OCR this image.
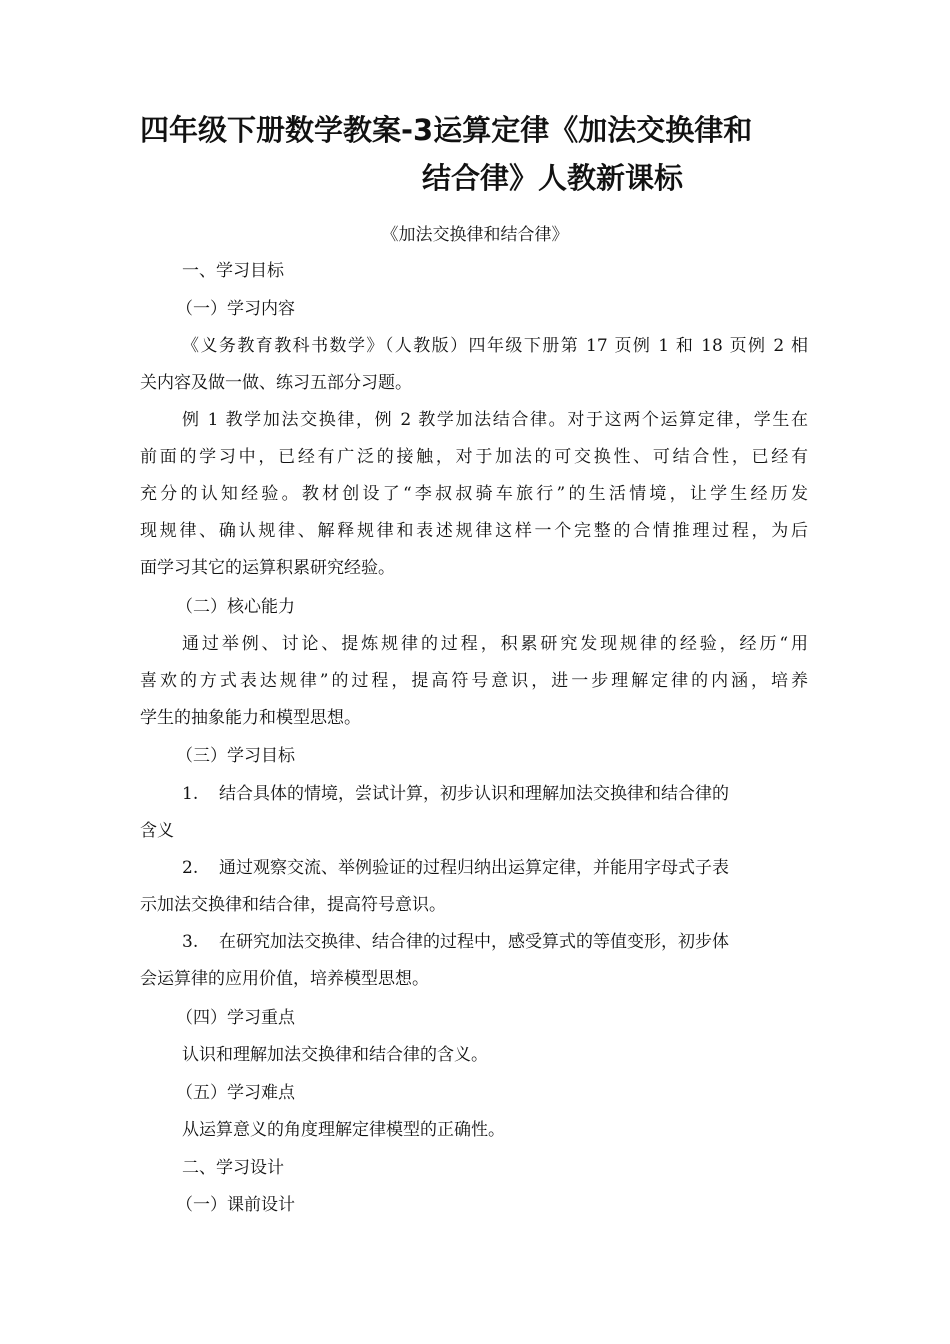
四年级下册数学教案-3运算定律《加法交换律和
结合律》人教新课标
《加法交换律和结合律》
一、学习目标
（一）学习内容
《义务教育教科书数学》（人教版）四年级下册第 17 页例 1 和 18 页例 2 相
关内容及做一做、练习五部分习题。
例 1 教学加法交换律，例 2 教学加法结合律。对于这两个运算定律，学生在
前面的学习中，已经有广泛的接触，对于加法的可交换性、可结合性，已经有
充分的认知经验。教材创设了“李叔叔骑车旅行”的生活情境，让学生经历发
现规律、确认规律、解释规律和表述规律这样一个完整的合情推理过程，为后
面学习其它的运算积累研究经验。
（二）核心能力
通过举例、讨论、提炼规律的过程，积累研究发现规律的经验，经历“用
喜欢的方式表达规律”的过程，提高符号意识，进一步理解定律的内涵，培养
学生的抽象能力和模型思想。
（三）学习目标
1. 结合具体的情境，尝试计算，初步认识和理解加法交换律和结合律的
含义
2. 通过观察交流、举例验证的过程归纳出运算定律，并能用字母式子表
示加法交换律和结合律，提高符号意识。
3. 在研究加法交换律、结合律的过程中，感受算式的等值变形，初步体
会运算律的应用价值，培养模型思想。
（四）学习重点
认识和理解加法交换律和结合律的含义。
（五）学习难点
从运算意义的角度理解定律模型的正确性。
二、学习设计
（一）课前设计
